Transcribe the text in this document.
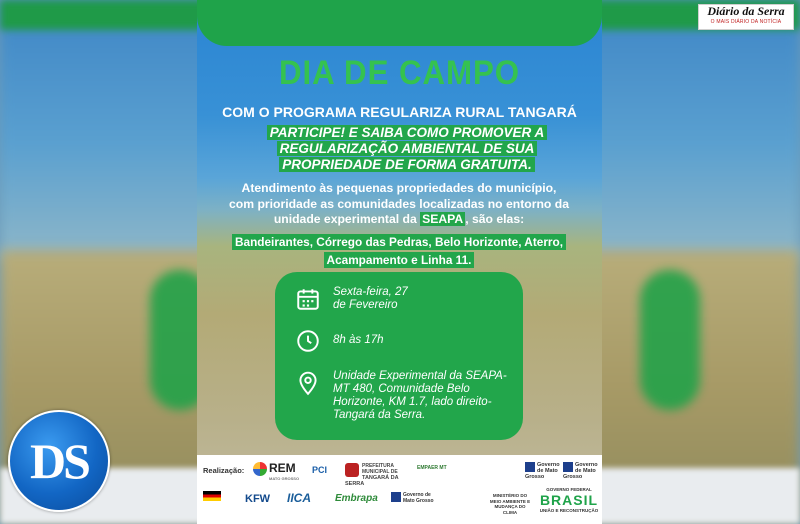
Diário da Serra
O MAIS DIÁRIO DA NOTÍCIA
DS
DIA DE CAMPO
COM O PROGRAMA REGULARIZA RURAL TANGARÁ
PARTICIPE! E SAIBA COMO PROMOVER A
REGULARIZAÇÃO AMBIENTAL DE SUA
PROPRIEDADE DE FORMA GRATUITA.
Atendimento às pequenas propriedades do município,
com prioridade as comunidades localizadas no entorno da
unidade experimental da SEAPA , são elas:
Bandeirantes, Córrego das Pedras, Belo Horizonte, Aterro,
Acampamento e Linha 11.
Sexta-feira, 27 de Fevereiro
8h às 17h
Unidade Experimental da SEAPA- MT 480, Comunidade Belo Horizonte, KM 1.7, lado direito- Tangará da Serra.
Realização:	REM
MATO GROSSO
PCI	PREFEITURA MUNICIPAL DE
TANGARÁ DA SERRA
EMPAER MT	Governo de Mato Grosso
Governo de Mato Grosso
KFW IICA Embrapa	Governo de Mato Grosso
MINISTÉRIO DO MEIO AMBIENTE E MUDANÇA DO CLIMA
GOVERNO FEDERAL
BRASIL
UNIÃO E RECONSTRUÇÃO
